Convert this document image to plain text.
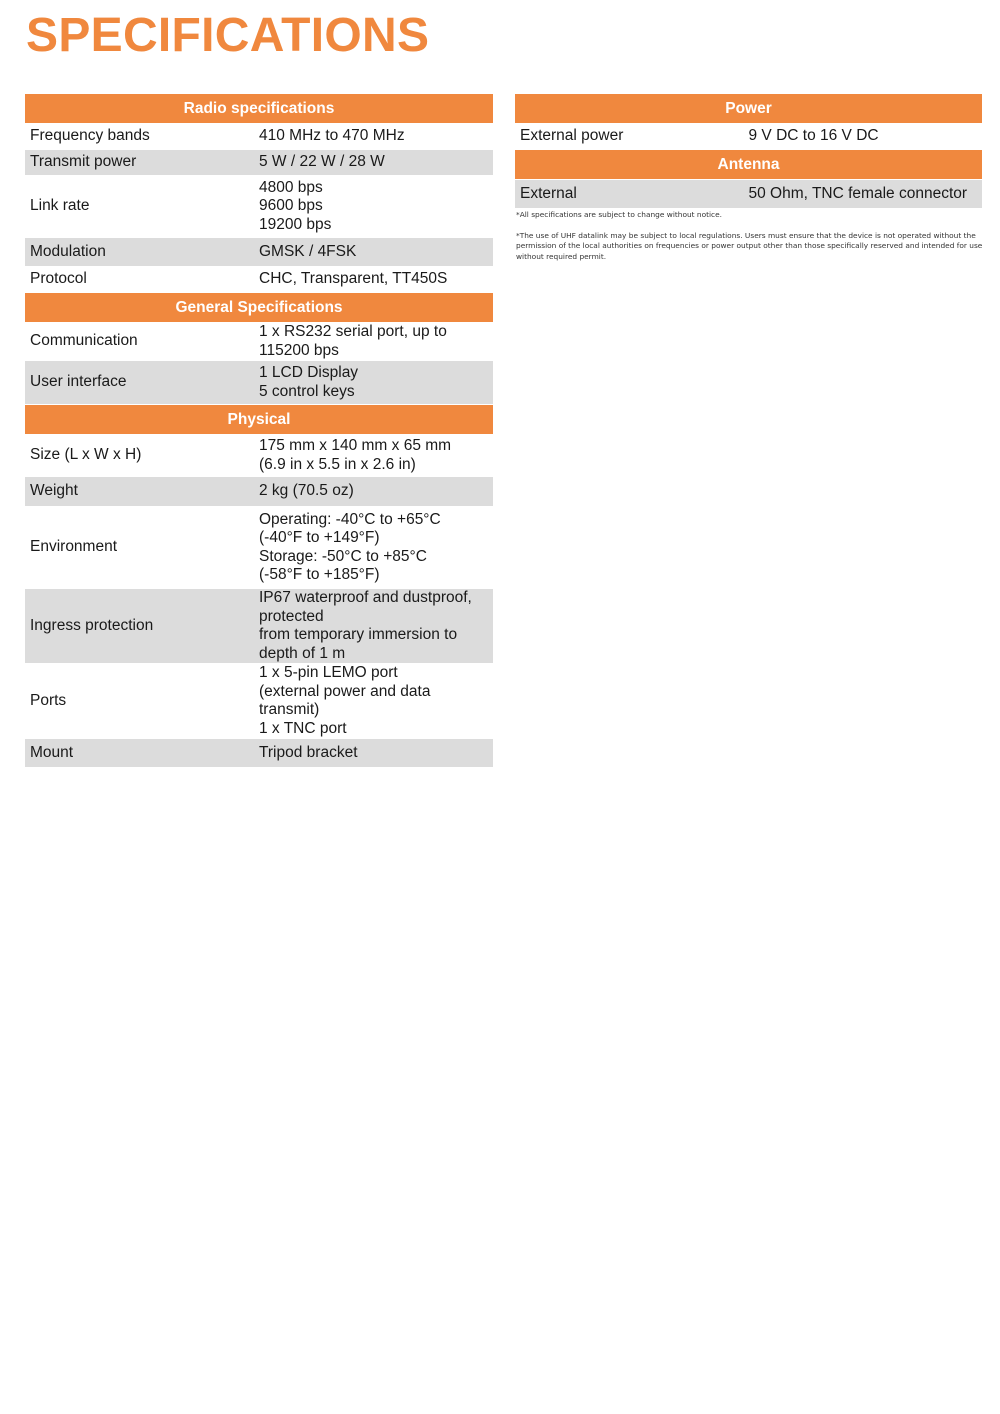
SPECIFICATIONS
Radio specifications	
Frequency bands	410 MHz to 470 MHz

Transmit power	5 W / 22 W / 28 W

Link rate	4800 bps
9600 bps
19200 bps

Modulation	GMSK / 4FSK

Protocol	CHC, Transparent, TT450S

General Specifications	
Communication	1 x RS232 serial port, up to 115200 bps

User interface	1 LCD Display
5 control keys

Physical	
Size (L x W x H)	175 mm x 140 mm x 65 mm
(6.9 in x 5.5 in x 2.6 in)

Weight	2 kg (70.5 oz)

Environment	Operating: -40°C to +65°C
(-40°F to +149°F)
Storage: -50°C to +85°C
(-58°F to +185°F)

Ingress protection	IP67 waterproof and dustproof, protected
from temporary immersion to depth of 1 m

Ports	1 x 5-pin LEMO port
(external power and data transmit)
1 x TNC port

Mount	Tripod bracket
Power	
External power	9 V DC to 16 V DC

Antenna	
External	50 Ohm, TNC female connector

*All specifications are subject to change without notice.

*The use of UHF datalink may be subject to local regulations. Users must ensure that the device is not operated without the permission of the local authorities on frequencies or power output other than those specifically reserved and intended for use without required permit.
